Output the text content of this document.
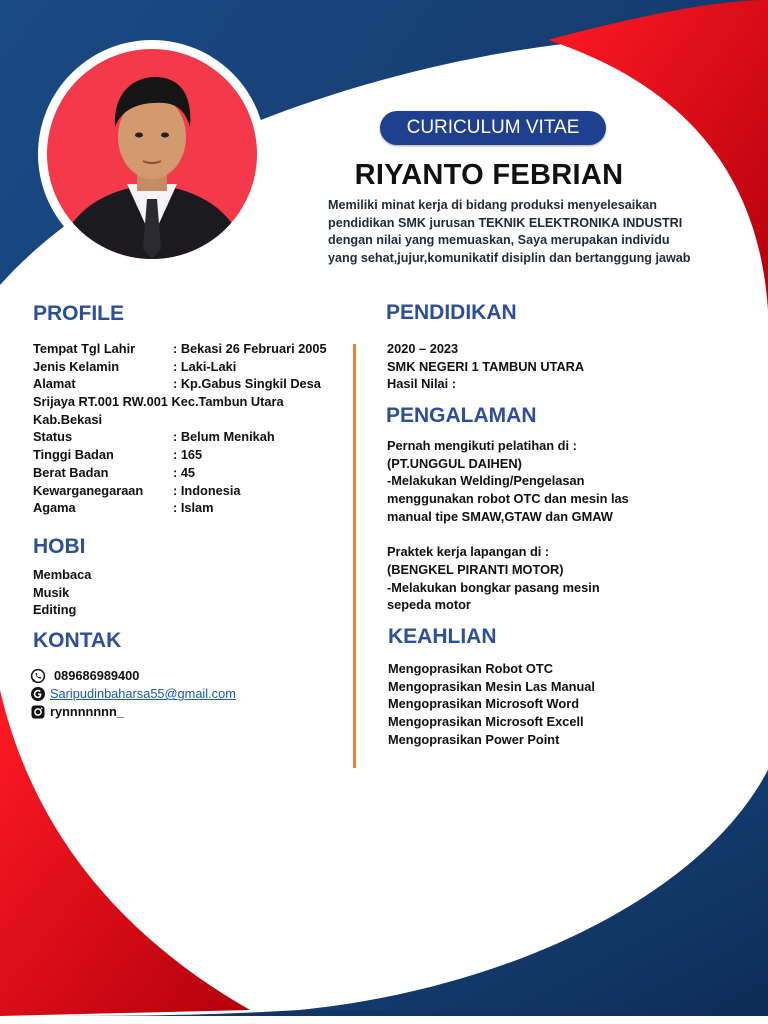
CURICULUM VITAE
RIYANTO FEBRIAN
Memiliki minat kerja di bidang produksi menyelesaikan
pendidikan SMK jurusan TEKNIK ELEKTRONIKA INDUSTRI
dengan nilai yang memuaskan, Saya merupakan individu
yang sehat,jujur,komunikatif disiplin dan bertanggung jawab
PROFILE
Tempat Tgl Lahir	: Bekasi 26 Februari 2005
Jenis Kelamin	: Laki-Laki
Alamat	: Kp.Gabus Singkil Desa
Srijaya RT.001 RW.001 Kec.Tambun Utara
Kab.Bekasi
Status	: Belum Menikah
Tinggi Badan	: 165
Berat Badan	: 45
Kewarganegaraan : Indonesia
Agama	: Islam
HOBI
Membaca
Musik
Editing
KONTAK
089686989400
Saripudinbaharsa55@gmail.com
rynnnnnnn_
PENDIDIKAN
2020 – 2023
SMK NEGERI 1 TAMBUN UTARA
Hasil Nilai :
PENGALAMAN
Pernah mengikuti pelatihan di :
(PT.UNGGUL DAIHEN)
-Melakukan Welding/Pengelasan
menggunakan robot OTC dan mesin las
manual tipe SMAW,GTAW dan GMAW
Praktek kerja lapangan di :
(BENGKEL PIRANTI MOTOR)
-Melakukan bongkar pasang mesin
sepeda motor
KEAHLIAN
Mengoprasikan Robot OTC
Mengoprasikan Mesin Las Manual
Mengoprasikan Microsoft Word
Mengoprasikan Microsoft Excell
Mengoprasikan Power Point
